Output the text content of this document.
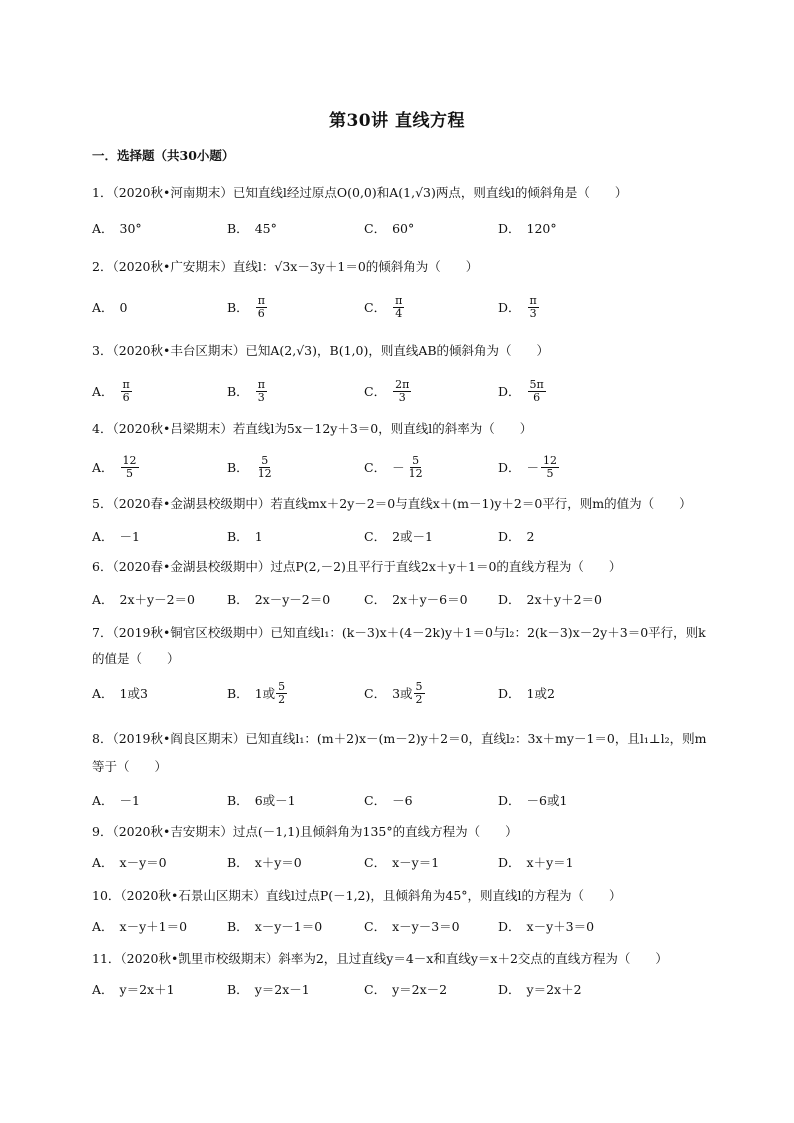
第30讲 直线方程
一．选择题（共30小题）
1．（2020秋•河南期末）已知直线l经过原点O(0,0)和A(1,√3)两点，则直线l的倾斜角是（　　）
A． 30°	B． 45°	C． 60°	D． 120°
2．（2020秋•广安期末）直线l：√3x－3y＋1＝0的倾斜角为（　　）
A． 0	B． $\frac{\pi}{6}$	C． $\frac{\pi}{4}$	D． $\frac{\pi}{3}$
3．（2020秋•丰台区期末）已知A(2,√3)，B(1,0)，则直线AB的倾斜角为（　　）
A． $\frac{\pi}{6}$	B． $\frac{\pi}{3}$	C． $\frac{2\pi}{3}$	D． $\frac{5\pi}{6}$
4．（2020秋•吕梁期末）若直线l为5x－12y＋3＝0，则直线l的斜率为（　　）
A． $\frac{12}{5}$	B． $\frac{5}{12}$	C． － $\frac{5}{12}$	D． － $\frac{12}{5}$
5．（2020春•金湖县校级期中）若直线mx＋2y－2＝0与直线x＋(m－1)y＋2＝0平行，则m的值为（　　）
A． －1	B． 1	C． 2或－1	D． 2
6．（2020春•金湖县校级期中）过点P(2,－2)且平行于直线2x＋y＋1＝0的直线方程为（　　）
A． 2x＋y－2＝0	B． 2x－y－2＝0	C． 2x＋y－6＝0 D． 2x＋y＋2＝0
7．（2019秋•铜官区校级期中）已知直线l₁：(k－3)x＋(4－2k)y＋1＝0与l₂：2(k－3)x－2y＋3＝0平行，则k的值是（　　）
A． 1或3	B． 1或 $\frac{5}{2}$	C． 3或 $\frac{5}{2}$	D． 1或2
8．（2019秋•阎良区期末）已知直线l₁：(m＋2)x－(m－2)y＋2＝0，直线l₂：3x＋my－1＝0，且l₁⊥l₂，则m等于（　　）
A． －1	B． 6或－1	C． －6	D． －6或1
9．（2020秋•吉安期末）过点(－1,1)且倾斜角为135°的直线方程为（　　）
A． x－y＝0	B． x＋y＝0	C． x－y＝1	D． x＋y＝1
10．（2020秋•石景山区期末）直线l过点P(－1,2)，且倾斜角为45°，则直线l的方程为（　　）
A． x－y＋1＝0	B． x－y－1＝0	C． x－y－3＝0	D． x－y＋3＝0
11．（2020秋•凯里市校级期末）斜率为2，且过直线y＝4－x和直线y＝x＋2交点的直线方程为（　　）
A． y＝2x＋1	B． y＝2x－1	C． y＝2x－2	D． y＝2x＋2
